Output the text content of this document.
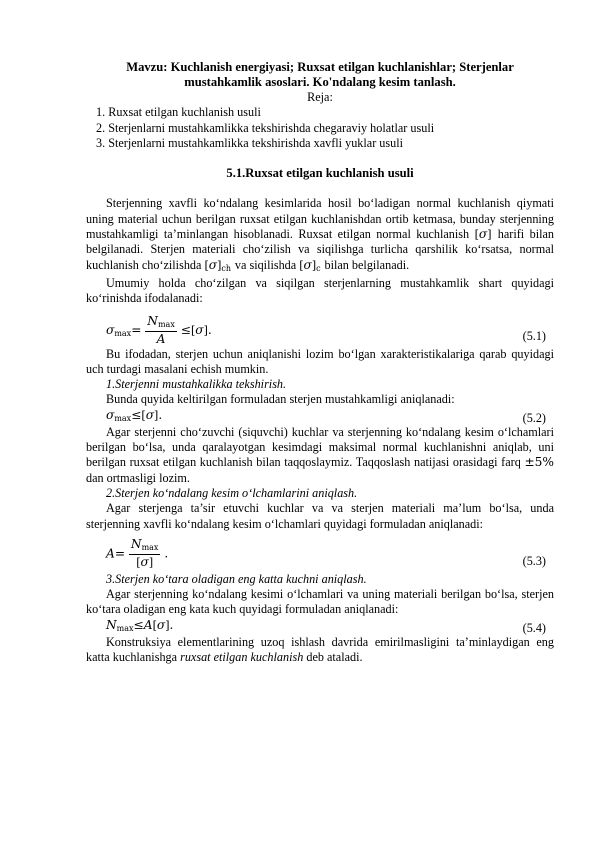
Mavzu: Kuchlanish energiyasi; Ruxsat etilgan kuchlanishlar; Sterjenlar mustahkamlik asoslari. Ko'ndalang kesim tanlash.

Reja:
1. Ruxsat etilgan kuchlanish usuli
2. Sterjenlarni mustahkamlikka tekshirishda chegaraviy holatlar usuli
3. Sterjenlarni mustahkamlikka tekshirishda xavfli yuklar usuli
5.1.Ruxsat etilgan kuchlanish usuli

Sterjenning xavfli ko‘ndalang kesimlarida hosil bo‘ladigan normal kuchlanish qiymati uning material uchun berilgan ruxsat etilgan kuchlanishdan ortib ketmasa, bunday sterjenning mustahkamligi ta’minlangan hisoblanadi. Ruxsat etilgan normal kuchlanish [σ] harifi bilan belgilanadi. Sterjen materiali cho‘zilish va siqilishga turlicha qarshilik ko‘rsatsa, normal kuchlanish cho‘zilishda $[\sigma]_{ch}$ va siqilishda $[\sigma]_c$ bilan belgilanadi.

Umumiy holda cho‘zilgan va siqilgan sterjenlarning mustahkamlik shart quyidagi ko‘rinishda ifodalanadi:

$\sigma_{max}= \frac{N_{max}}{A} \le[\sigma]$.	(5.1)

Bu ifodadan, sterjen uchun aniqlanishi lozim bo‘lgan xarakteristikalariga qarab quyidagi uch turdagi masalani echish mumkin.

1.Sterjenni mustahkalikka tekshirish.

Bunda quyida keltirilgan formuladan sterjen mustahkamligi aniqlanadi:

$\sigma_{max}\le[\sigma]$.	(5.2)

Agar sterjenni cho‘zuvchi (siquvchi) kuchlar va sterjenning ko‘ndalang kesim o‘lchamlari berilgan bo‘lsa, unda qaralayotgan kesimdagi maksimal normal kuchlanishni aniqlab, uni berilgan ruxsat etilgan kuchlanish bilan taqqoslaymiz. Taqqoslash natijasi orasidagi farq ±5% dan ortmasligi lozim.

2.Sterjen ko‘ndalang kesim o‘lchamlarini aniqlash.

Agar sterjenga ta’sir etuvchi kuchlar va va sterjen materiali ma’lum bo‘lsa, unda sterjenning xavfli ko‘ndalang kesim o‘lchamlari quyidagi formuladan aniqlanadi:

$A= \frac{N_{max}}{[\sigma]}$ .
(5.3)

3.Sterjen ko‘tara oladigan eng katta kuchni aniqlash.

Agar sterjenning ko‘ndalang kesimi o‘lchamlari va uning materiali berilgan bo‘lsa, sterjen ko‘tara oladigan eng kata kuch quyidagi formuladan aniqlanadi:

$N_{max}\le A[\sigma]$.	(5.4)

Konstruksiya elementlarining uzoq ishlash davrida emirilmasligini ta’minlaydigan eng katta kuchlanishga ruxsat etilgan kuchlanish deb ataladi.
